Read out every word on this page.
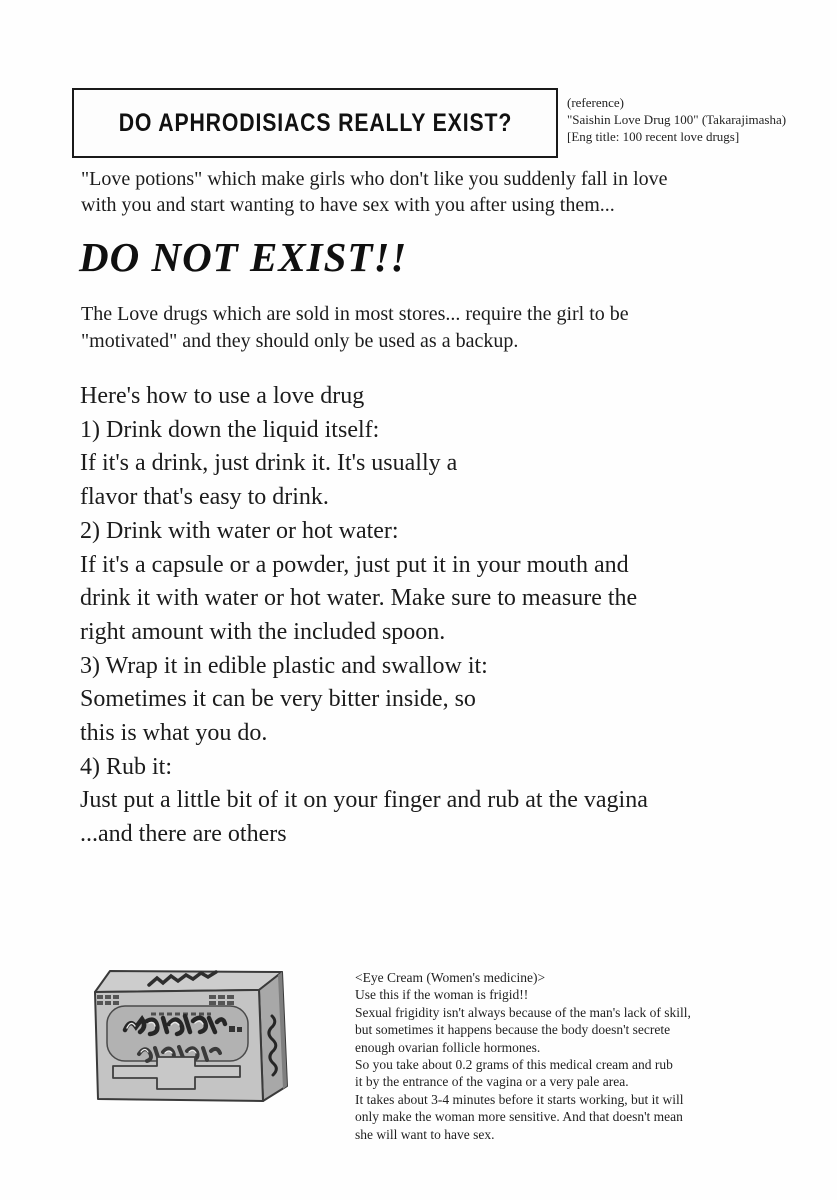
DO APHRODISIACS REALLY EXIST?
(reference)
"Saishin Love Drug 100" (Takarajimasha)
[Eng title: 100 recent love drugs]
"Love potions" which make girls who don't like you suddenly fall in love
with you and start wanting to have sex with you after using them...
DO NOT EXIST!!
The Love drugs which are sold in most stores... require the girl to be
"motivated" and they should only be used as a backup.
Here's how to use a love drug
1) Drink down the liquid itself:
If it's a drink, just drink it. It's usually a
flavor that's easy to drink.
2) Drink with water or hot water:
If it's a capsule or a powder, just put it in your mouth and
drink it with water or hot water. Make sure to measure the
right amount with the included spoon.
3) Wrap it in edible plastic and swallow it:
Sometimes it can be very bitter inside, so
this is what you do.
4) Rub it:
Just put a little bit of it on your finger and rub at the vagina
...and there are others
<Eye Cream (Women's medicine)>
Use this if the woman is frigid!!
Sexual frigidity isn't always because of the man's lack of skill,
but sometimes it happens because the body doesn't secrete
enough ovarian follicle hormones.
So you take about 0.2 grams of this medical cream and rub
it by the entrance of the vagina or a very pale area.
It takes about 3-4 minutes before it starts working, but it will
only make the woman more sensitive. And that doesn't mean
she will want to have sex.
